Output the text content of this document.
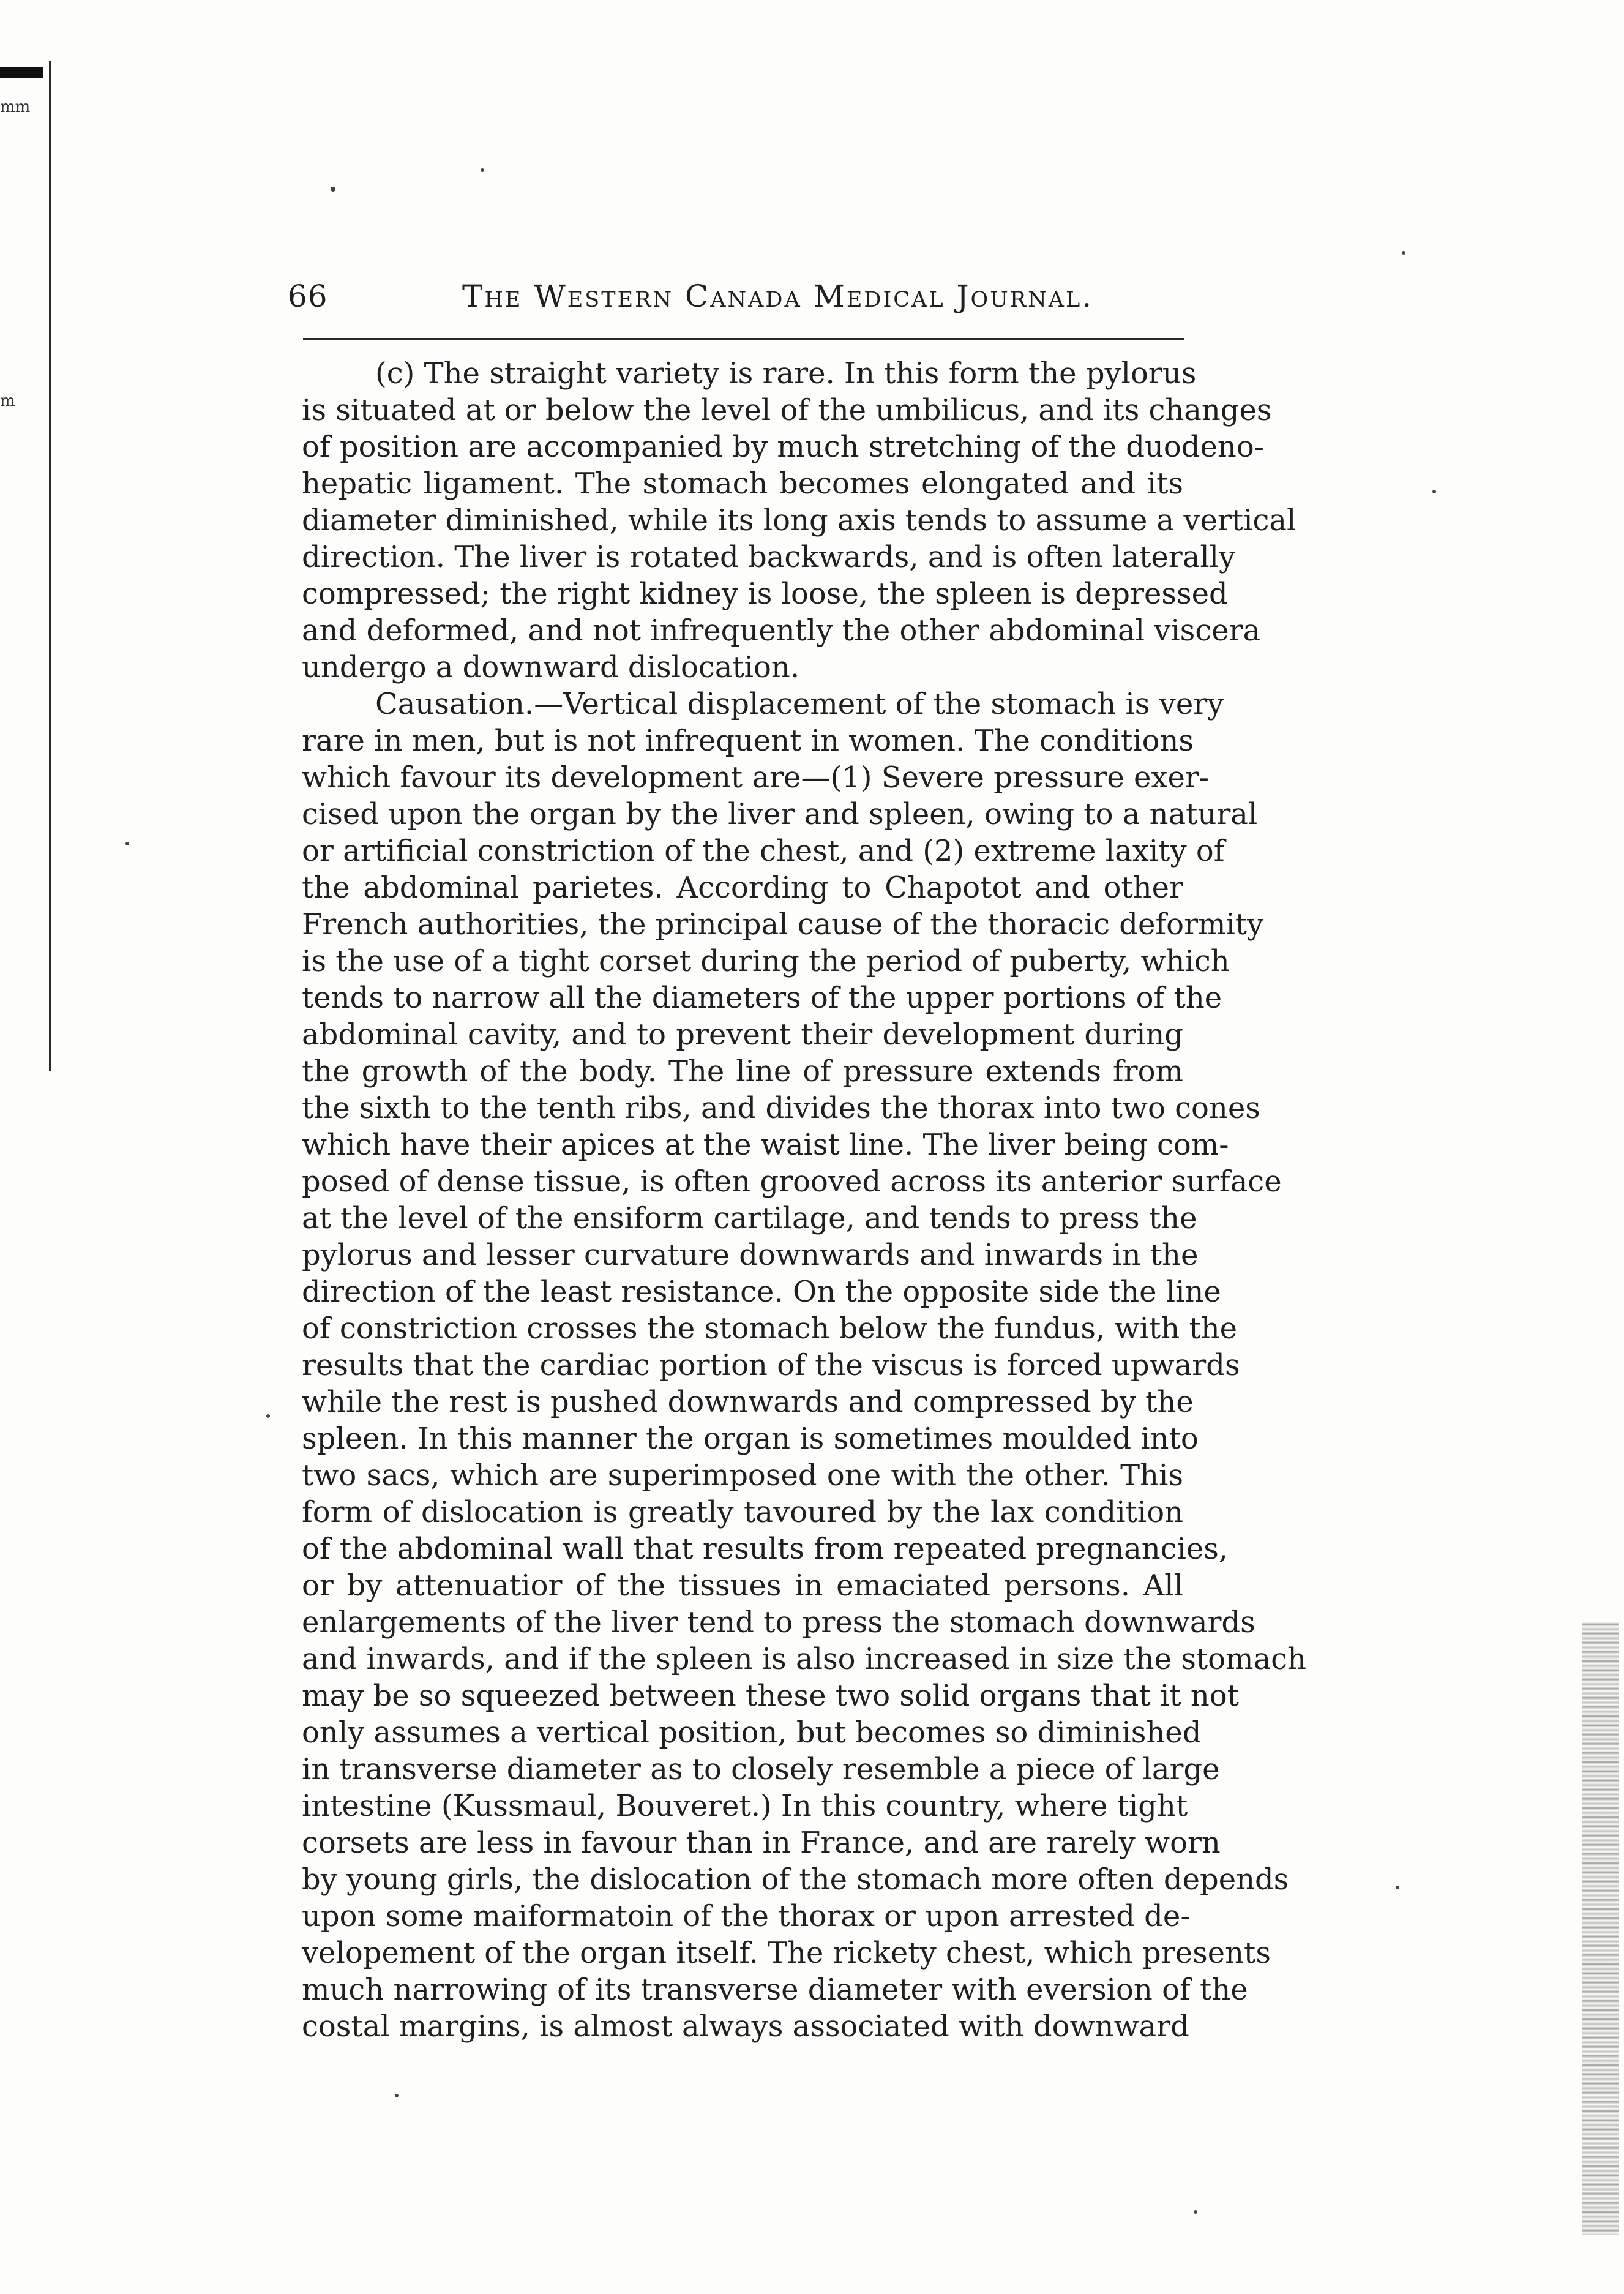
mm
m
66	The Western Canada Medical Journal.
(c) The straight variety is rare. In this form the pylorus
is situated at or below the level of the umbilicus, and its changes
of position are accompanied by much stretching of the duodeno-
hepatic ligament. The stomach becomes elongated and its
diameter diminished, while its long axis tends to assume a vertical
direction. The liver is rotated backwards, and is often laterally
compressed; the right kidney is loose, the spleen is depressed
and deformed, and not infrequently the other abdominal viscera
undergo a downward dislocation.
Causation.—Vertical displacement of the stomach is very
rare in men, but is not infrequent in women. The conditions
which favour its development are—(1) Severe pressure exer-
cised upon the organ by the liver and spleen, owing to a natural
or artificial constriction of the chest, and (2) extreme laxity of
the abdominal parietes. According to Chapotot and other
French authorities, the principal cause of the thoracic deformity
is the use of a tight corset during the period of puberty, which
tends to narrow all the diameters of the upper portions of the
abdominal cavity, and to prevent their development during
the growth of the body. The line of pressure extends from
the sixth to the tenth ribs, and divides the thorax into two cones
which have their apices at the waist line. The liver being com-
posed of dense tissue, is often grooved across its anterior surface
at the level of the ensiform cartilage, and tends to press the
pylorus and lesser curvature downwards and inwards in the
direction of the least resistance. On the opposite side the line
of constriction crosses the stomach below the fundus, with the
results that the cardiac portion of the viscus is forced upwards
while the rest is pushed downwards and compressed by the
spleen. In this manner the organ is sometimes moulded into
two sacs, which are superimposed one with the other. This
form of dislocation is greatly tavoured by the lax condition
of the abdominal wall that results from repeated pregnancies,
or by attenuatior of the tissues in emaciated persons. All
enlargements of the liver tend to press the stomach downwards
and inwards, and if the spleen is also increased in size the stomach
may be so squeezed between these two solid organs that it not
only assumes a vertical position, but becomes so diminished
in transverse diameter as to closely resemble a piece of large
intestine (Kussmaul, Bouveret.) In this country, where tight
corsets are less in favour than in France, and are rarely worn
by young girls, the dislocation of the stomach more often depends
upon some maiformatoin of the thorax or upon arrested de-
velopement of the organ itself. The rickety chest, which presents
much narrowing of its transverse diameter with eversion of the
costal margins, is almost always associated with downward
